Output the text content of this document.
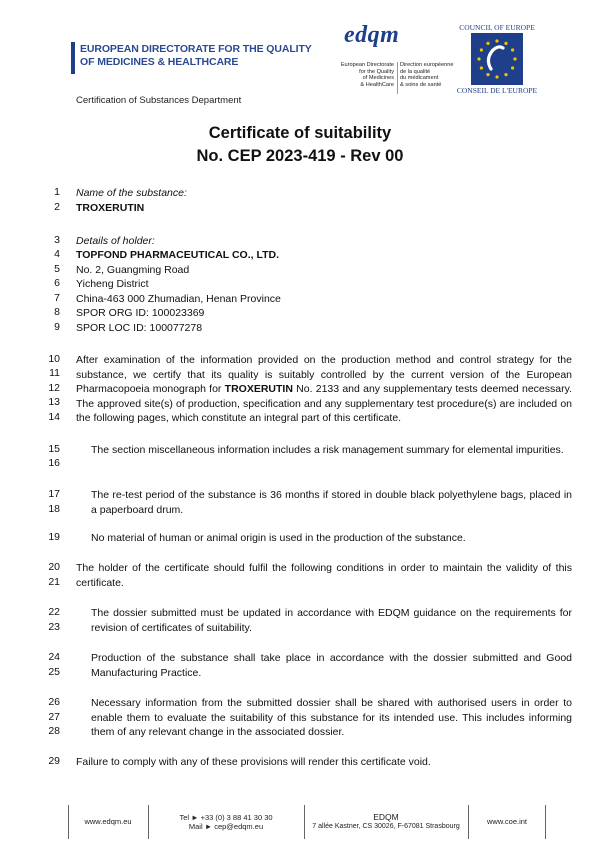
EUROPEAN DIRECTORATE FOR THE QUALITY
OF MEDICINES & HEALTHCARE
Certification of Substances Department
edqm
European Directorate
for the Quality
of Medicines
& HealthCare
Direction européenne
de la qualité
du médicament
& soins de santé
COUNCIL OF EUROPE
CONSEIL DE L'EUROPE
Certificate of suitability
No. CEP 2023-419 - Rev 00
1
2
3
4
5
6
7
8
9
10
11
12
13
14
15
16
17
18
19
20
21
22
23
24
25
26
27
28
29
Name of the substance:
TROXERUTIN
Details of holder:
TOPFOND PHARMACEUTICAL CO., LTD.
No. 2, Guangming Road
Yicheng District
China-463 000 Zhumadian, Henan Province
SPOR ORG ID: 100023369
SPOR LOC ID: 100077278
After examination of the information provided on the production method and control strategy for the substance, we certify that its quality is suitably controlled by the current version of the European Pharmacopoeia monograph for TROXERUTIN No. 2133 and any supplementary tests deemed necessary. The approved site(s) of production, specification and any supplementary test procedure(s) are included on the following pages, which constitute an integral part of this certificate.
The section miscellaneous information includes a risk management summary for elemental impurities.
The re-test period of the substance is 36 months if stored in double black polyethylene bags, placed in a paperboard drum.
No material of human or animal origin is used in the production of the substance.
The holder of the certificate should fulfil the following conditions in order to maintain the validity of this certificate.
The dossier submitted must be updated in accordance with EDQM guidance on the requirements for revision of certificates of suitability.
Production of the substance shall take place in accordance with the dossier submitted and Good Manufacturing Practice.
Necessary information from the submitted dossier shall be shared with authorised users in order to enable them to evaluate the suitability of this substance for its intended use. This includes informing them of any relevant change in the associated dossier.
Failure to comply with any of these provisions will render this certificate void.
www.edqm.eu
Tel ► +33 (0) 3 88 41 30 30
Mail ► cep@edqm.eu
EDQM
7 allée Kastner, CS 30026, F-67081 Strasbourg
www.coe.int
